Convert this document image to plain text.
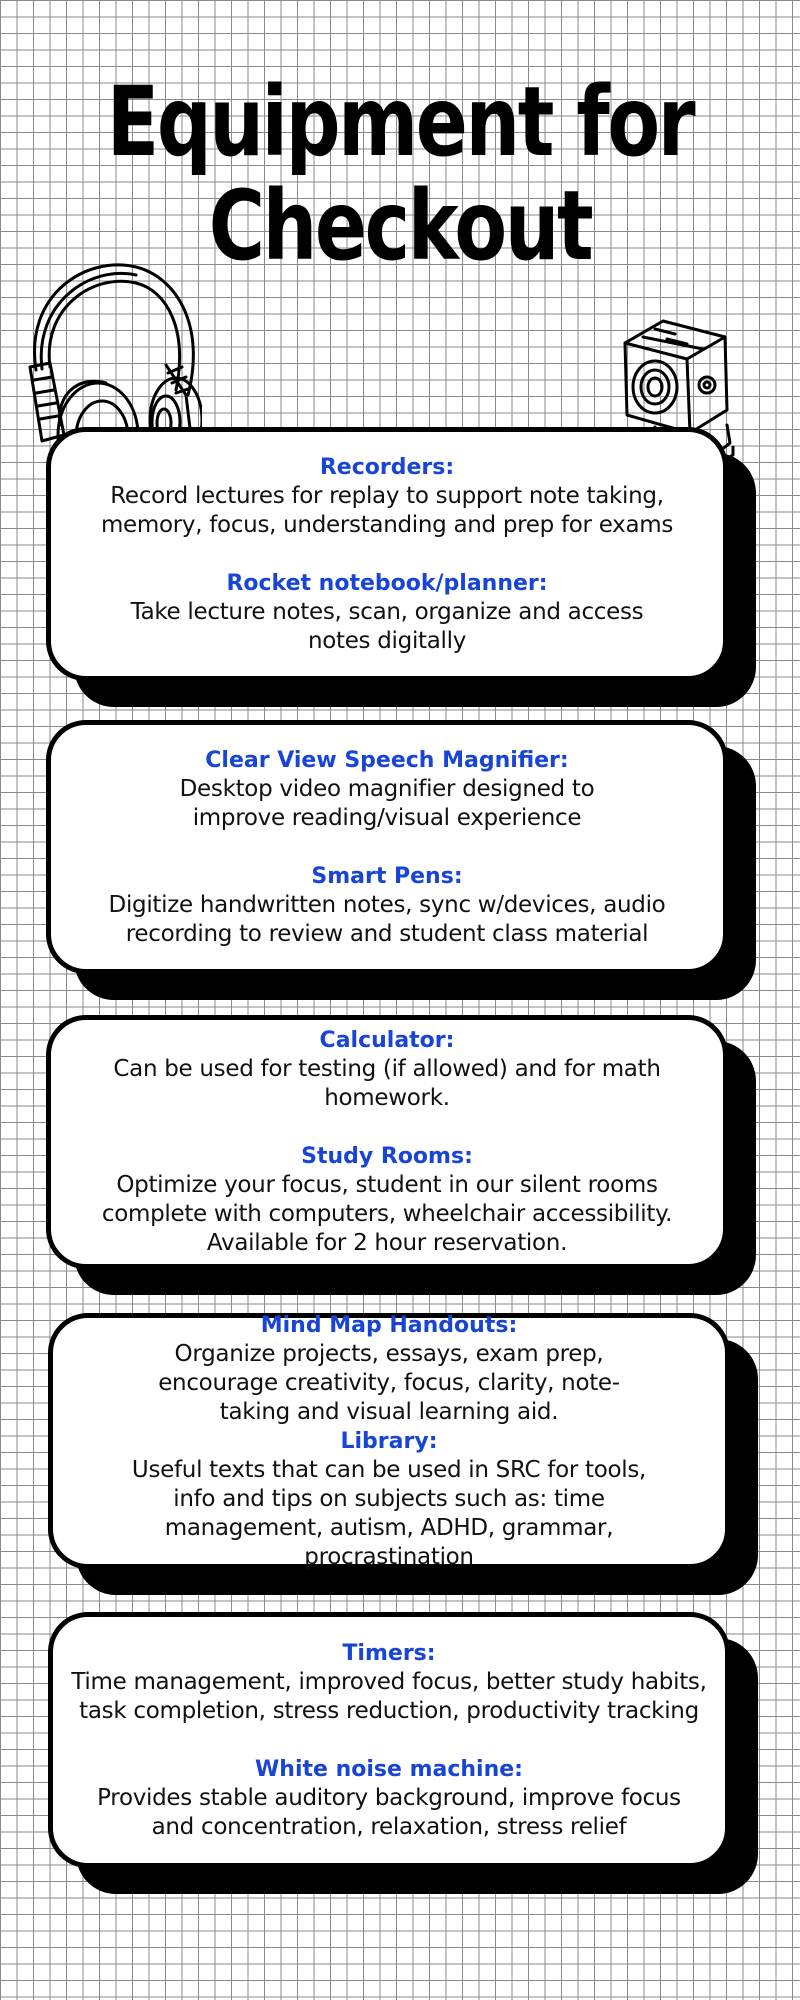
Equipment for
Checkout
Recorders:
Record lectures for replay to support note taking, memory, focus, understanding and prep for exams
Rocket notebook/planner:
Take lecture notes, scan, organize and access notes digitally
Clear View Speech Magnifier:
Desktop video magnifier designed to improve reading/visual experience
Smart Pens:
Digitize handwritten notes, sync w/devices, audio recording to review and student class material
Calculator:
Can be used for testing (if allowed) and for math homework.
Study Rooms:
Optimize your focus, student in our silent rooms complete with computers, wheelchair accessibility. Available for 2 hour reservation.
Mind Map Handouts:
Organize projects, essays, exam prep, encourage creativity, focus, clarity, note-taking and visual learning aid.
Library:
Useful texts that can be used in SRC for tools, info and tips on subjects such as: time management, autism, ADHD, grammar, procrastination
Timers:
Time management, improved focus, better study habits, task completion, stress reduction, productivity tracking
White noise machine:
Provides stable auditory background, improve focus and concentration, relaxation, stress relief
